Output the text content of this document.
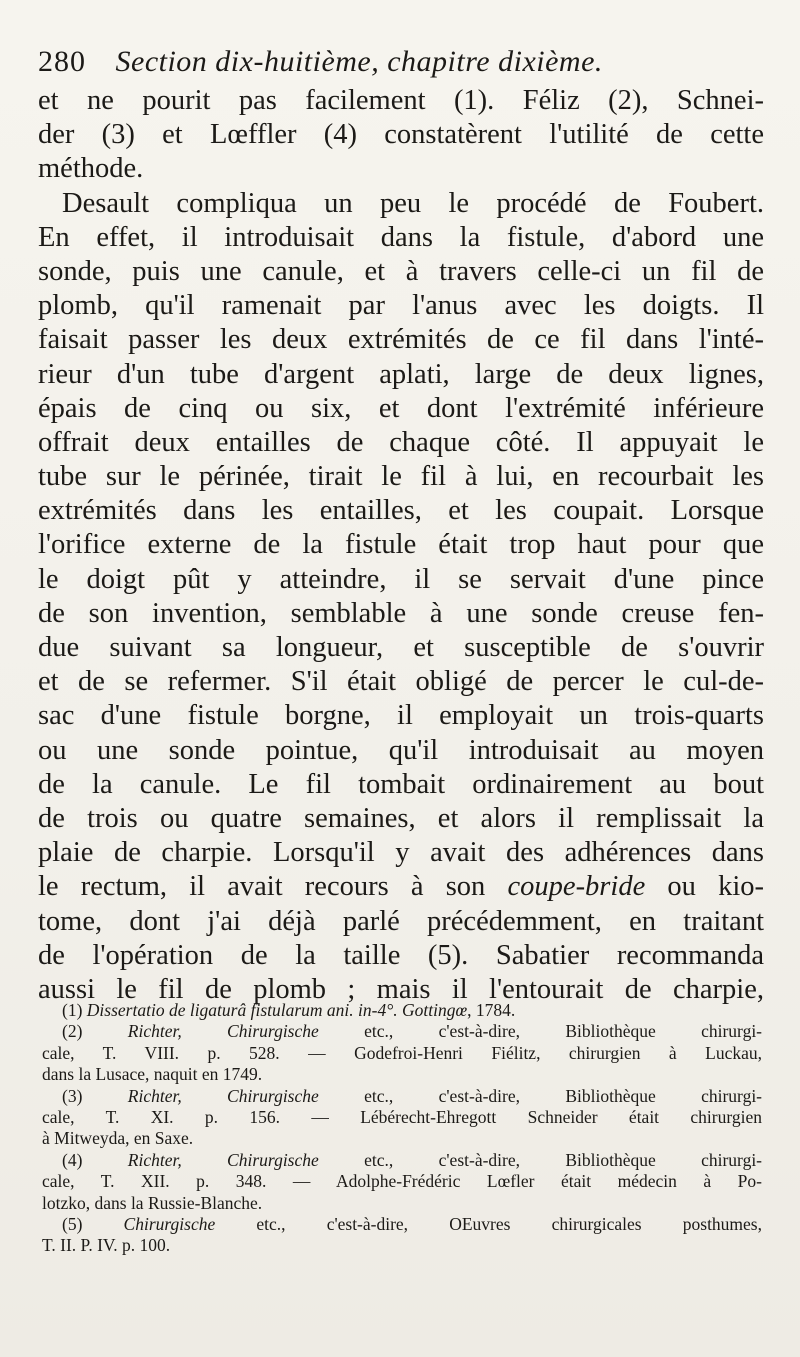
280 Section dix-huitième, chapitre dixième.
et ne pourit pas facilement (1). Féliz (2), Schnei-
der (3) et Lœffler (4) constatèrent l'utilité de cette
méthode.
Desault compliqua un peu le procédé de Foubert.
En effet, il introduisait dans la fistule, d'abord une
sonde, puis une canule, et à travers celle-ci un fil de
plomb, qu'il ramenait par l'anus avec les doigts. Il
faisait passer les deux extrémités de ce fil dans l'inté-
rieur d'un tube d'argent aplati, large de deux lignes,
épais de cinq ou six, et dont l'extrémité inférieure
offrait deux entailles de chaque côté. Il appuyait le
tube sur le périnée, tirait le fil à lui, en recourbait les
extrémités dans les entailles, et les coupait. Lorsque
l'orifice externe de la fistule était trop haut pour que
le doigt pût y atteindre, il se servait d'une pince
de son invention, semblable à une sonde creuse fen-
due suivant sa longueur, et susceptible de s'ouvrir
et de se refermer. S'il était obligé de percer le cul-de-
sac d'une fistule borgne, il employait un trois-quarts
ou une sonde pointue, qu'il introduisait au moyen
de la canule. Le fil tombait ordinairement au bout
de trois ou quatre semaines, et alors il remplissait la
plaie de charpie. Lorsqu'il y avait des adhérences dans
le rectum, il avait recours à son coupe-bride ou kio-
tome, dont j'ai déjà parlé précédemment, en traitant
de l'opération de la taille (5). Sabatier recommanda
aussi le fil de plomb ; mais il l'entourait de charpie,
(1) Dissertatio de ligaturâ fistularum ani. in-4°. Gottingœ, 1784.
(2)	Richter, Chirurgische	etc., c'est-à-dire, Bibliothèque chirurgi-
cale, T. VIII. p. 528. — Godefroi-Henri Fiélitz, chirurgien à Luckau,
dans la Lusace, naquit en 1749.
(3)	Richter, Chirurgische	etc., c'est-à-dire, Bibliothèque chirurgi-
cale, T. XI. p. 156. — Lébérecht-Ehregott Schneider était chirurgien
à Mitweyda, en Saxe.
(4)	Richter, Chirurgische	etc., c'est-à-dire, Bibliothèque chirurgi-
cale, T. XII. p. 348. — Adolphe-Frédéric Lœfler était médecin à Po-
lotzko, dans la Russie-Blanche.
(5) Chirurgische etc., c'est-à-dire, OEuvres chirurgicales posthumes,
T. II. P. IV. p. 100.
